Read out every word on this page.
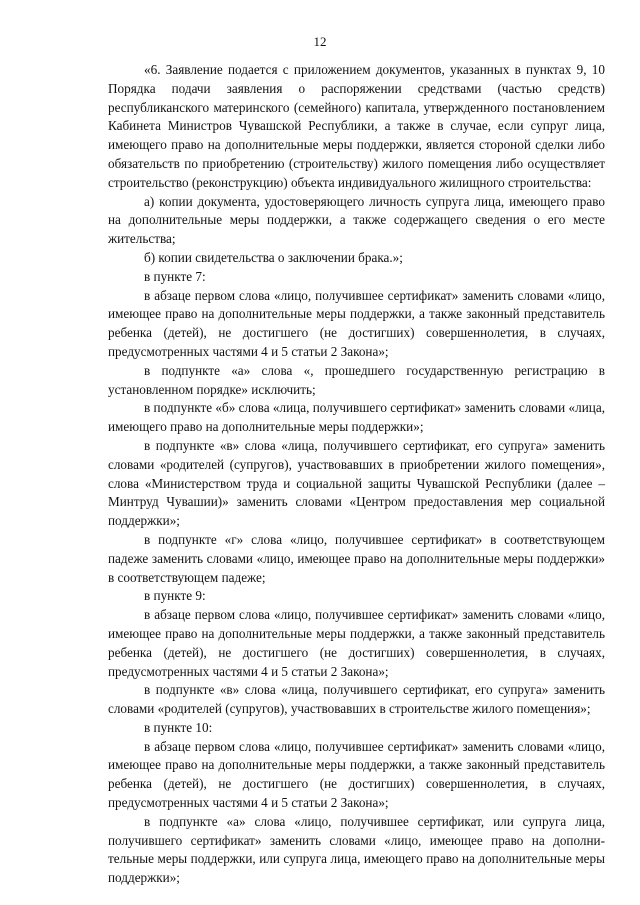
12

«6. Заявление подается с приложением документов, указанных в пунктах 9, 10 Порядка подачи заявления о распоряжении средствами (частью средств) республиканского материнского (семейного) капитала, утвержденного постановлением Кабинета Министров Чувашской Республики, а также в случае, если супруг лица, имеющего право на дополнительные меры поддержки, является стороной сделки либо обязательств по приобретению (строительству) жилого помещения либо осуществляет строительство (реконструкцию) объекта индивидуального жилищного строительства:

а) копии документа, удостоверяющего личность супруга лица, имеющего право на дополнительные меры поддержки, а также содержащего сведения о его месте жительства;

б) копии свидетельства о заключении брака.»;

в пункте 7:

в абзаце первом слова «лицо, получившее сертификат» заменить словами «лицо, имеющее право на дополнительные меры поддержки, а также законный представитель ребенка (детей), не достигшего (не достигших) совершеннолетия, в случаях, предусмотренных частями 4 и 5 статьи 2 Закона»;

в подпункте «а» слова «, прошедшего государственную регистрацию в установленном порядке» исключить;

в подпункте «б» слова «лица, получившего сертификат» заменить словами «лица, имеющего право на дополнительные меры поддержки»;

в подпункте «в» слова «лица, получившего сертификат, его супруга» заменить словами «родителей (супругов), участвовавших в приобретении жилого помещения», слова «Министерством труда и социальной защиты Чувашской Республики (далее – Минтруд Чувашии)» заменить словами «Центром предоставления мер социальной поддержки»;

в подпункте «г» слова «лицо, получившее сертификат» в соответствующем падеже заменить словами «лицо, имеющее право на дополнительные меры поддержки» в соответствующем падеже;

в пункте 9:

в абзаце первом слова «лицо, получившее сертификат» заменить словами «лицо, имеющее право на дополнительные меры поддержки, а также законный представитель ребенка (детей), не достигшего (не достигших) совершеннолетия, в случаях, предусмотренных частями 4 и 5 статьи 2 Закона»;

в подпункте «в» слова «лица, получившего сертификат, его супруга» заменить словами «родителей (супругов), участвовавших в строительстве жилого помещения»;

в пункте 10:

в абзаце первом слова «лицо, получившее сертификат» заменить словами «лицо, имеющее право на дополнительные меры поддержки, а также законный представитель ребенка (детей), не достигшего (не достигших) совершеннолетия, в случаях, предусмотренных частями 4 и 5 статьи 2 Закона»;

в подпункте «а» слова «лицо, получившее сертификат, или супруга лица, получившего сертификат» заменить словами «лицо, имеющее право на дополнительные меры поддержки, или супруга лица, имеющего право на дополнительные меры поддержки»;
